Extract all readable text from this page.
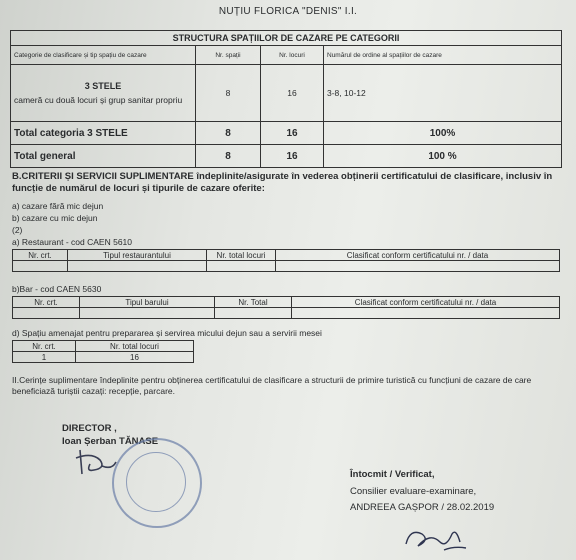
NUȚIU FLORICA "DENIS" I.I.
STRUCTURA SPAȚIILOR DE CAZARE PE CATEGORII			
Categorie de clasificare și tip spațiu de cazare	Nr. spații	Nr. locuri	Numărul de ordine al spațiilor de cazare

3 STELE
cameră cu două locuri și grup sanitar propriu	8	16	3-8, 10-12
Total categoria 3 STELE	8	16	100%
Total general	8	16	100 %
B.CRITERII ȘI SERVICII SUPLIMENTARE îndeplinite/asigurate în vederea obținerii certificatului de clasificare, inclusiv în funcție de numărul de locuri și tipurile de cazare oferite:
a) cazare fără mic dejun
b) cazare cu mic dejun
(2)
a) Restaurant - cod CAEN 5610
Nr. crt.	Tipul restaurantului	Nr. total locuri	Clasificat conform certificatului nr. / data

b)Bar - cod CAEN 5630
Nr. crt.	Tipul barului	Nr. Total	Clasificat conform certificatului nr. / data

d) Spațiu amenajat pentru prepararea și servirea micului dejun sau a servirii mesei
Nr. crt.	Nr. total locuri
1	16
II.Cerințe suplimentare îndeplinite pentru obținerea certificatului de clasificare a structurii de primire turistică cu funcțiuni de cazare de care beneficiază turiștii cazați: recepție, parcare.
DIRECTOR ,
Ioan Șerban TĂNASE
Întocmit / Verificat,
Consilier evaluare-examinare,
ANDREEA GAȘPOR / 28.02.2019
